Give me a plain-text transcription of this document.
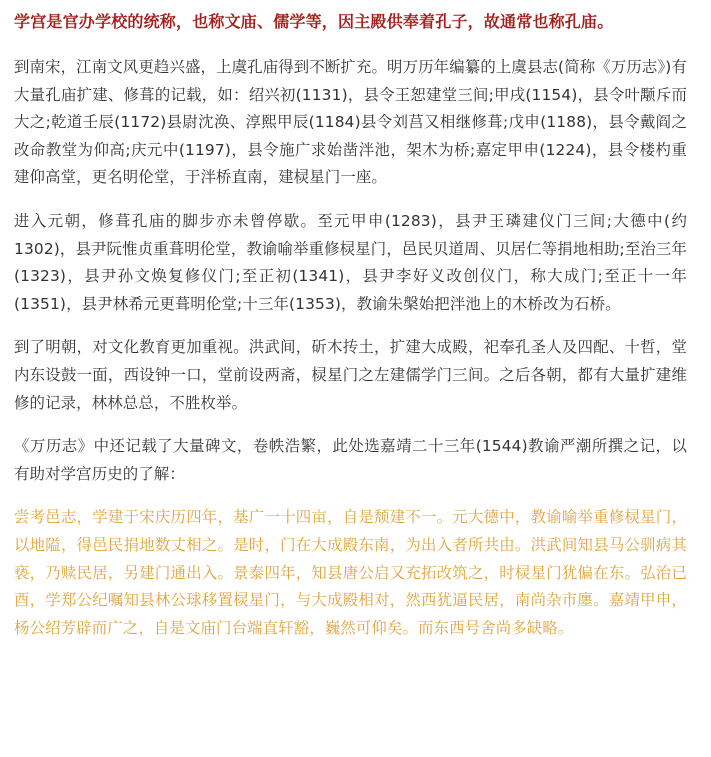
学宫是官办学校的统称，也称文庙、儒学等，因主殿供奉着孔子，故通常也称孔庙。

到南宋，江南文风更趋兴盛，上虞孔庙得到不断扩充。明万历年编纂的上虞县志(简称《万历志》)有大量孔庙扩建、修葺的记载，如：绍兴初(1131)，县令王恕建堂三间;甲戌(1154)，县令叶颙斥而大之;乾道壬辰(1172)县尉沈涣、淳熙甲辰(1184)县令刘莒又相继修葺;戊申(1188)，县令戴阎之改命教堂为仰高;庆元中(1197)，县令施广求始凿泮池，架木为桥;嘉定甲申(1224)，县令楼杓重建仰高堂，更名明伦堂，于泮桥直南，建棂星门一座。

进入元朝，修葺孔庙的脚步亦未曾停歇。至元甲申(1283)，县尹王璘建仪门三间;大德中(约1302)，县尹阮惟贞重葺明伦堂，教谕喻举重修棂星门，邑民贝道周、贝居仁等捐地相助;至治三年(1323)，县尹孙文焕复修仪门;至正初(1341)，县尹李好义改创仪门，称大成门;至正十一年(1351)，县尹林希元更葺明伦堂;十三年(1353)，教谕朱槃始把泮池上的木桥改为石桥。

到了明朝，对文化教育更加重视。洪武间，斫木抟土，扩建大成殿，祀奉孔圣人及四配、十哲，堂内东设鼓一面，西设钟一口，堂前设两斋，棂星门之左建儒学门三间。之后各朝，都有大量扩建维修的记录，林林总总，不胜枚举。

《万历志》中还记载了大量碑文，卷帙浩繁，此处选嘉靖二十三年(1544)教谕严潮所撰之记，以有助对学宫历史的了解：

尝考邑志，学建于宋庆历四年，基广一十四亩，自是颓建不一。元大德中，教谕喻举重修棂星门，以地隘，得邑民捐地数丈相之。是时，门在大成殿东南，为出入者所共由。洪武间知县马公驯病其亵，乃赎民居，另建门通出入。景泰四年，知县唐公启又充拓改筑之，时棂星门犹偏在东。弘治已酉，学郑公纪嘱知县林公球移置棂星门，与大成殿相对，然西犹逼民居，南尚杂市廛。嘉靖甲申，杨公绍芳辟而广之，自是文庙门台端直轩豁，巍然可仰矣。而东西号舍尚多缺略。
